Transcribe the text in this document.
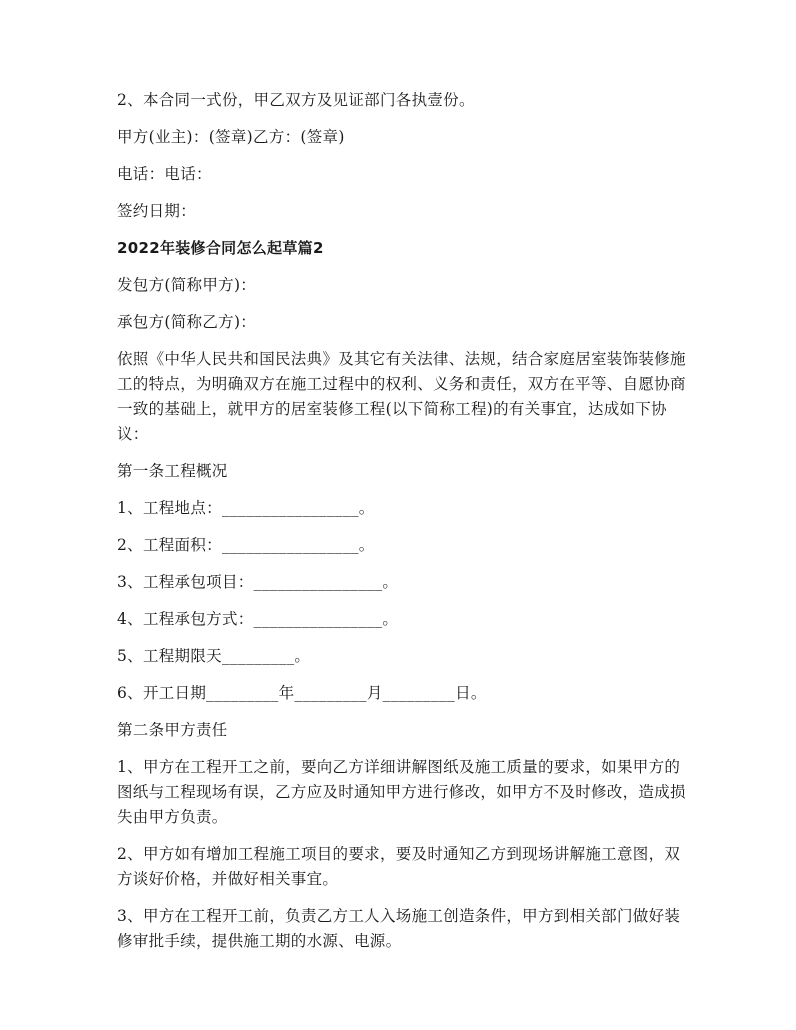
2、本合同一式份，甲乙双方及见证部门各执壹份。

甲方(业主)：(签章)乙方：(签章)

电话：电话：

签约日期：

2022年装修合同怎么起草篇2

发包方(简称甲方)：

承包方(简称乙方)：

依照《中华人民共和国民法典》及其它有关法律、法规，结合家庭居室装饰装修施工的特点，为明确双方在施工过程中的权利、义务和责任，双方在平等、自愿协商一致的基础上，就甲方的居室装修工程(以下简称工程)的有关事宜，达成如下协议：

第一条工程概况

1、工程地点：_________________。

2、工程面积：_________________。

3、工程承包项目：________________。

4、工程承包方式：________________。

5、工程期限天_________。

6、开工日期_________年_________月_________日。

第二条甲方责任

1、甲方在工程开工之前，要向乙方详细讲解图纸及施工质量的要求，如果甲方的图纸与工程现场有误，乙方应及时通知甲方进行修改，如甲方不及时修改，造成损失由甲方负责。

2、甲方如有增加工程施工项目的要求，要及时通知乙方到现场讲解施工意图，双方谈好价格，并做好相关事宜。

3、甲方在工程开工前，负责乙方工人入场施工创造条件，甲方到相关部门做好装修审批手续，提供施工期的水源、电源。
